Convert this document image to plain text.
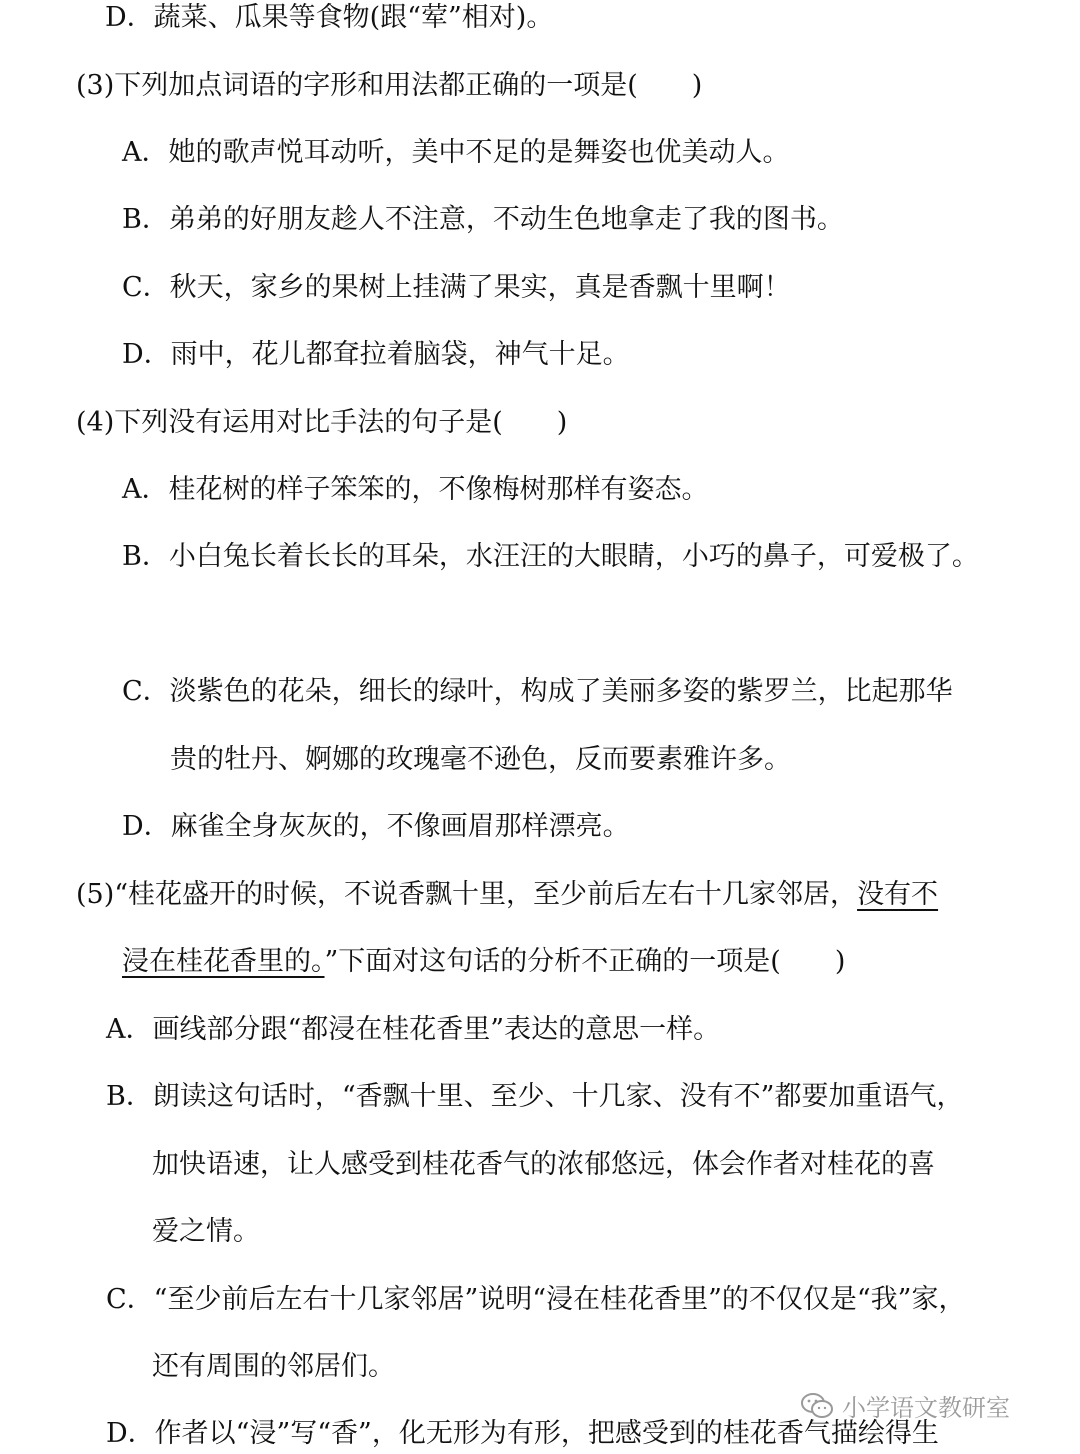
D．蔬菜、瓜果等食物(跟“荤”相对)。
(3)下列加点词语的字形和用法都正确的一项是(　　)
A．她的歌声悦耳动听，美中不足的是舞姿也优美动人。
B．弟弟的好朋友趁人不注意，不动生色地拿走了我的图书。
C．秋天，家乡的果树上挂满了果实，真是香飘十里啊！
D．雨中，花儿都耷拉着脑袋，神气十足。
(4)下列没有运用对比手法的句子是(　　)
A．桂花树的样子笨笨的，不像梅树那样有姿态。
B．小白兔长着长长的耳朵，水汪汪的大眼睛，小巧的鼻子，可爱极了。
C．淡紫色的花朵，细长的绿叶，构成了美丽多姿的紫罗兰，比起那华
贵的牡丹、婀娜的玫瑰毫不逊色，反而要素雅许多。
D．麻雀全身灰灰的，不像画眉那样漂亮。
(5)“桂花盛开的时候，不说香飘十里，至少前后左右十几家邻居，没有不
浸在桂花香里的。”下面对这句话的分析不正确的一项是(　　)
A．画线部分跟“都浸在桂花香里”表达的意思一样。
B．朗读这句话时，“香飘十里、至少、十几家、没有不”都要加重语气，
加快语速，让人感受到桂花香气的浓郁悠远，体会作者对桂花的喜
爱之情。
C．“至少前后左右十几家邻居”说明“浸在桂花香里”的不仅仅是“我”家，
还有周围的邻居们。
D．作者以“浸”写“香”，化无形为有形，把感受到的桂花香气描绘得生
小学语文教研室
